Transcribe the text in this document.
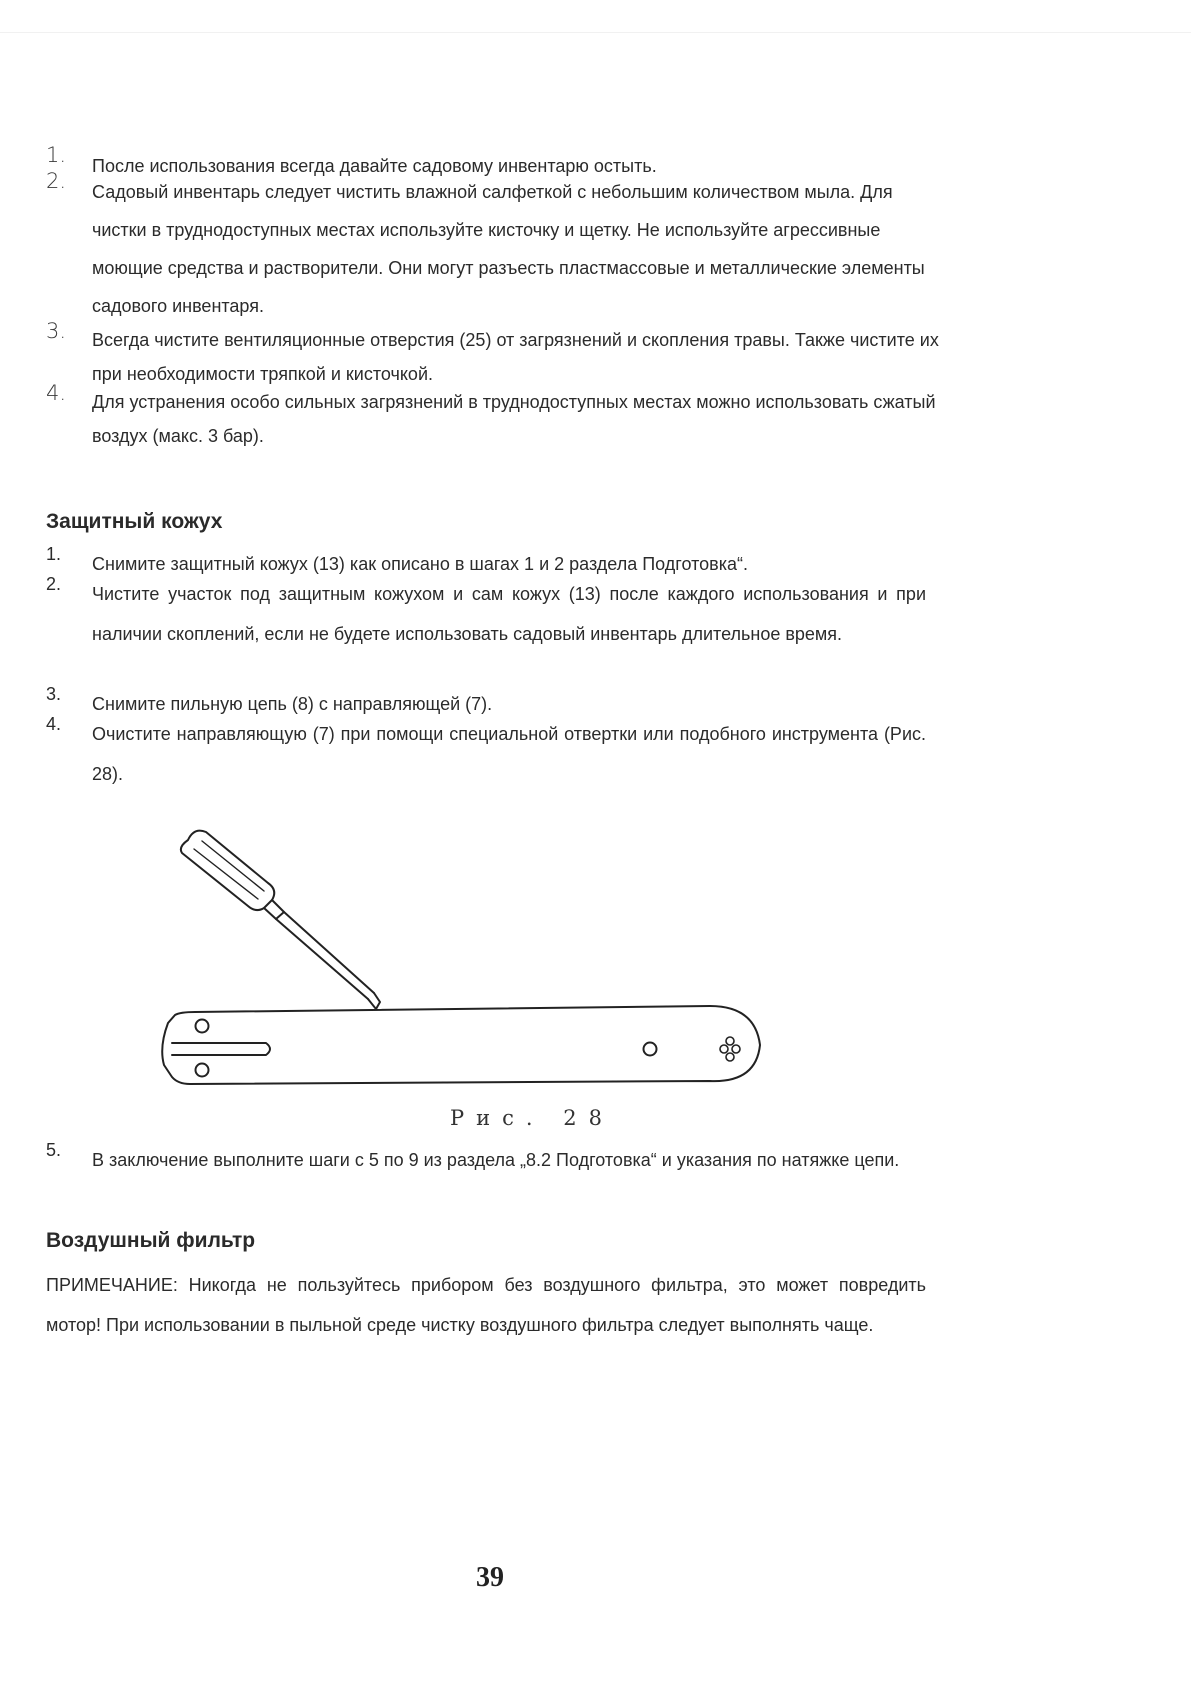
1. После использования всегда давайте садовому инвентарю остыть.
2. Садовый инвентарь следует чистить влажной салфеткой с небольшим количеством мыла. Для чистки в труднодоступных местах используйте кисточку и щетку. Не используйте агрессивные моющие средства и растворители. Они могут разъесть пластмассовые и металлические элементы садового инвентаря.
3. Всегда чистите вентиляционные отверстия (25) от загрязнений и скопления травы. Также чистите их при необходимости тряпкой и кисточкой.
4. Для устранения особо сильных загрязнений в труднодоступных местах можно использовать сжатый воздух (макс. 3 бар).
Защитный кожух
1. Снимите защитный кожух (13) как описано в шагах 1 и 2 раздела Подготовка“.
2. Чистите участок под защитным кожухом и сам кожух (13) после каждого использования и при наличии скоплений, если не будете использовать садовый инвентарь длительное время.
3. Снимите пильную цепь (8) с направляющей (7).
4. Очистите направляющую (7) при помощи специальной отвертки или подобного инструмента (Рис. 28).
Рис. 28
5. В заключение выполните шаги с 5 по 9 из раздела „8.2 Подготовка“ и указания по натяжке цепи.
Воздушный фильтр

ПРИМЕЧАНИЕ: Никогда не пользуйтесь прибором без воздушного фильтра, это может повредить мотор! При использовании в пыльной среде чистку воздушного фильтра следует выполнять чаще.

39
